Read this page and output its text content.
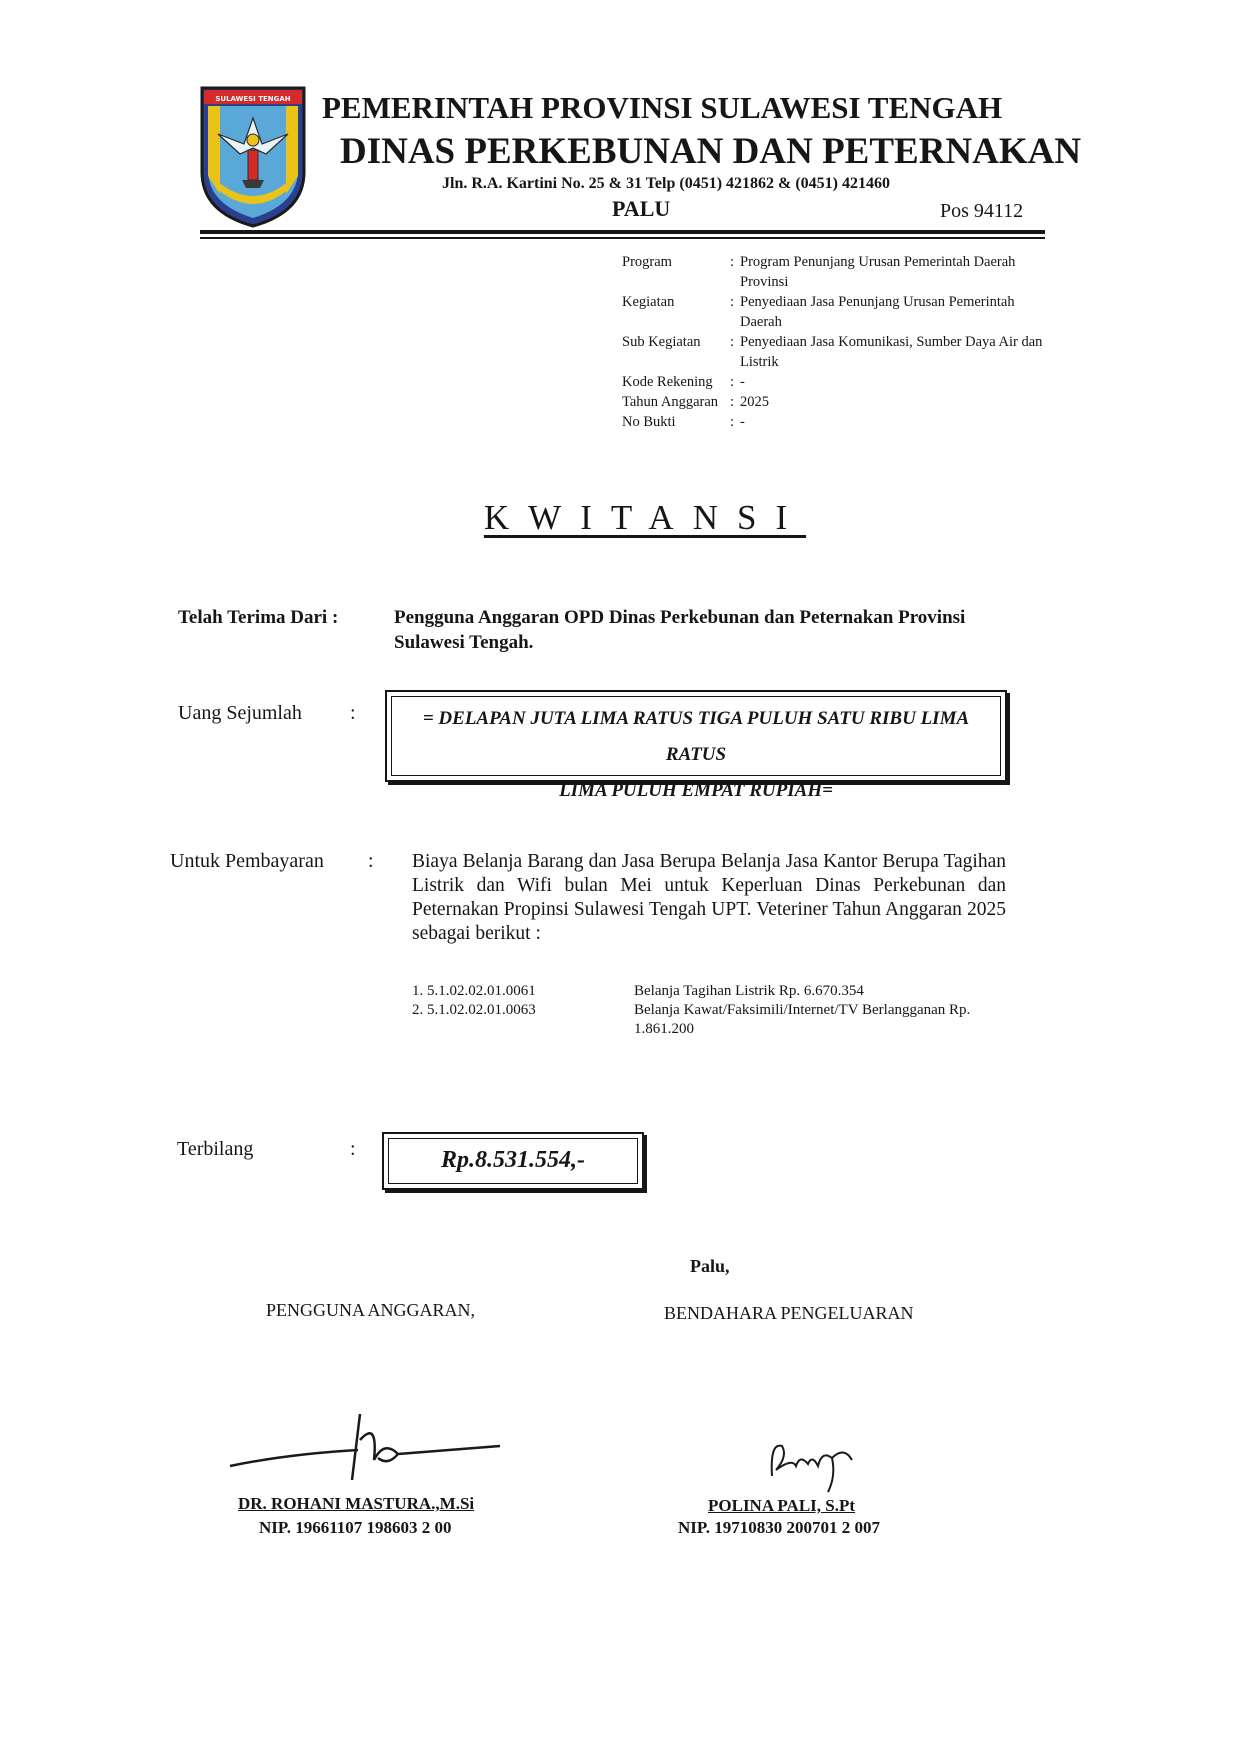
SULAWESI TENGAH PEMERINTAH PROVINSI SULAWESI TENGAH
DINAS PERKEBUNAN DAN PETERNAKAN
Jln. R.A. Kartini No. 25 & 31 Telp (0451) 421862 & (0451) 421460
PALU	Pos 94112
Program	:	Program Penunjang Urusan Pemerintah Daerah Provinsi
Kegiatan	:	Penyediaan Jasa Penunjang Urusan Pemerintah Daerah
Sub Kegiatan	:	Penyediaan Jasa Komunikasi, Sumber Daya Air dan Listrik
Kode Rekening	:	-
Tahun Anggaran	:	2025
No Bukti	:	-
KWITANSI
Telah Terima Dari :	Pengguna Anggaran OPD Dinas Perkebunan dan Peternakan Provinsi Sulawesi Tengah.
Uang Sejumlah :	= DELAPAN JUTA LIMA RATUS TIGA PULUH SATU RIBU LIMA RATUS
LIMA PULUH EMPAT RUPIAH=
Untuk Pembayaran : Biaya Belanja Barang dan Jasa Berupa Belanja Jasa Kantor Berupa Tagihan Listrik dan Wifi bulan Mei untuk Keperluan Dinas Perkebunan dan Peternakan Propinsi Sulawesi Tengah UPT. Veteriner Tahun Anggaran 2025 sebagai berikut :
1. 5.1.02.02.01.0061	Belanja Tagihan Listrik Rp. 6.670.354
2. 5.1.02.02.01.0063	Belanja Kawat/Faksimili/Internet/TV Berlangganan Rp. 1.861.200
Terbilang	:	Rp.8.531.554,-
Palu,
PENGGUNA ANGGARAN,
DR. ROHANI MASTURA.,M.Si
NIP. 19661107 198603 2 00
BENDAHARA PENGELUARAN
POLINA PALI, S.Pt
NIP. 19710830 200701 2 007
